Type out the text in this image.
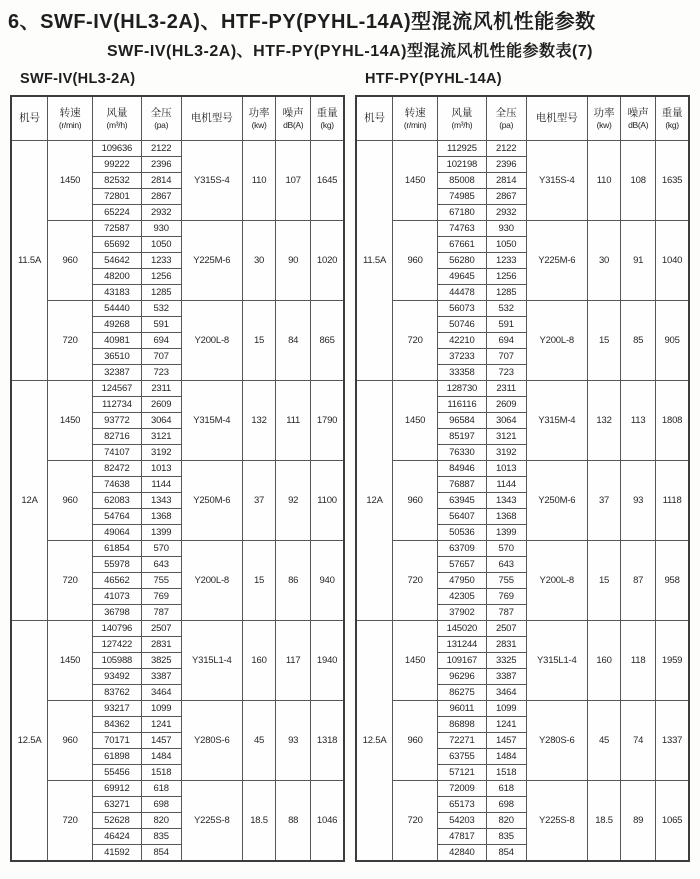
6、SWF-IV(HL3-2A)、HTF-PY(PYHL-14A)型混流风机性能参数
SWF-IV(HL3-2A)、HTF-PY(PYHL-14A)型混流风机性能参数表(7)
SWF-IV(HL3-2A)
机号	转速
(r/min)

风量
(m³/h)

全压
(pa)

电机型号	功率
(kw)

噪声
dB(A)

重量
(kg)

11.5A	1450	109636	2122	Y315S-4	110	107	1645
		99222	2396				
		82532	2814				
		72801	2867				
		65224	2932				
	960	72587	930	Y225M-6	30	90	1020
		65692	1050				
		54642	1233				
		48200	1256				
		43183	1285				
	720	54440	532	Y200L-8	15	84	865
		49268	591				
		40981	694				
		36510	707				
		32387	723				
12A	1450	124567	2311	Y315M-4	132	111	1790
		112734	2609				
		93772	3064				
		82716	3121				
		74107	3192				
	960	82472	1013	Y250M-6	37	92	1100
		74638	1144				
		62083	1343				
		54764	1368				
		49064	1399				
	720	61854	570	Y200L-8	15	86	940
		55978	643				
		46562	755				
		41073	769				
		36798	787				
12.5A	1450	140796	2507	Y315L1-4	160	117	1940
		127422	2831				
		105988	3825				
		93492	3387				
		83762	3464				
	960	93217	1099	Y280S-6	45	93	1318
		84362	1241				
		70171	1457				
		61898	1484				
		55456	1518				
	720	69912	618	Y225S-8	18.5	88	1046
		63271	698				
		52628	820				
		46424	835				
		41592	854				
HTF-PY(PYHL-14A)
机号	转速
(r/min)

风量
(m³/h)

全压
(pa)

电机型号	功率
(kw)

噪声
dB(A)

重量
(kg)

11.5A	1450	112925	2122	Y315S-4	110	108	1635
		102198	2396				
		85008	2814				
		74985	2867				
		67180	2932				
	960	74763	930	Y225M-6	30	91	1040
		67661	1050				
		56280	1233				
		49645	1256				
		44478	1285				
	720	56073	532	Y200L-8	15	85	905
		50746	591				
		42210	694				
		37233	707				
		33358	723				
12A	1450	128730	2311	Y315M-4	132	113	1808
		116116	2609				
		96584	3064				
		85197	3121				
		76330	3192				
	960	84946	1013	Y250M-6	37	93	1118
		76887	1144				
		63945	1343				
		56407	1368				
		50536	1399				
	720	63709	570	Y200L-8	15	87	958
		57657	643				
		47950	755				
		42305	769				
		37902	787				
12.5A	1450	145020	2507	Y315L1-4	160	118	1959
		131244	2831				
		109167	3325				
		96296	3387				
		86275	3464				
	960	96011	1099	Y280S-6	45	74	1337
		86898	1241				
		72271	1457				
		63755	1484				
		57121	1518				
	720	72009	618	Y225S-8	18.5	89	1065
		65173	698				
		54203	820				
		47817	835				
		42840	854				
